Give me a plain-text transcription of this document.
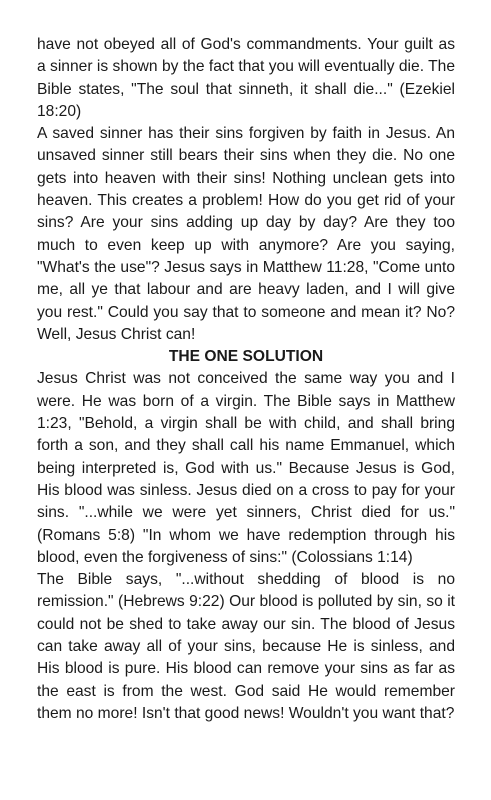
have not obeyed all of God's commandments. Your guilt as a sinner is shown by the fact that you will eventually die. The Bible states, "The soul that sinneth, it shall die..." (Ezekiel 18:20)

A saved sinner has their sins forgiven by faith in Jesus. An unsaved sinner still bears their sins when they die. No one gets into heaven with their sins! Nothing unclean gets into heaven. This creates a problem! How do you get rid of your sins? Are your sins adding up day by day? Are they too much to even keep up with anymore? Are you saying, "What's the use"? Jesus says in Matthew 11:28, "Come unto me, all ye that labour and are heavy laden, and I will give you rest." Could you say that to someone and mean it? No? Well, Jesus Christ can!

THE ONE SOLUTION

Jesus Christ was not conceived the same way you and I were. He was born of a virgin. The Bible says in Matthew 1:23, "Behold, a virgin shall be with child, and shall bring forth a son, and they shall call his name Emmanuel, which being interpreted is, God with us." Because Jesus is God, His blood was sinless. Jesus died on a cross to pay for your sins. "...while we were yet sinners, Christ died for us." (Romans 5:8) "In whom we have redemption through his blood, even the forgiveness of sins:" (Colossians 1:14)

The Bible says, "...without shedding of blood is no remission." (Hebrews 9:22) Our blood is polluted by sin, so it could not be shed to take away our sin. The blood of Jesus can take away all of your sins, because He is sinless, and His blood is pure. His blood can remove your sins as far as the east is from the west. God said He would remember them no more! Isn't that good news! Wouldn't you want that?
